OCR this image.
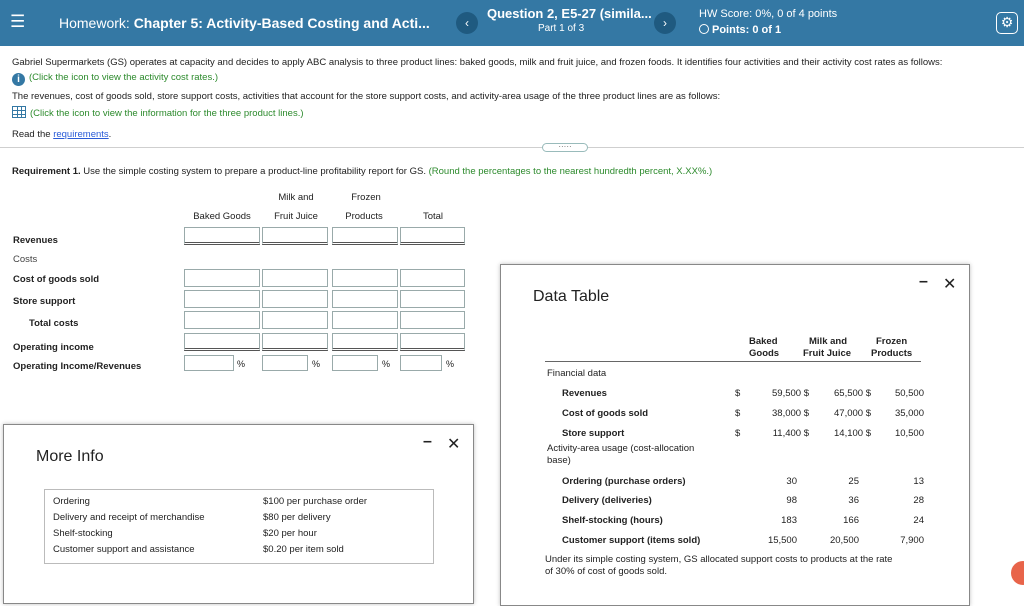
☰ Homework: Chapter 5: Activity-Based Costing and Acti...	‹
Question 2, E5-27 (simila...
Part 1 of 3	›
HW Score: 0%, 0 of 4 points
Points: 0 of 1	⚙
Gabriel Supermarkets (GS) operates at capacity and decides to apply ABC analysis to three product lines: baked goods, milk and fruit juice, and frozen foods. It identifies four activities and their activity cost rates as follows:
i (Click the icon to view the activity cost rates.)
The revenues, cost of goods sold, store support costs, activities that account for the store support costs, and activity-area usage of the three product lines are as follows:
(Click the icon to view the information for the three product lines.)
Read the requirements.
·····
Requirement 1. Use the simple costing system to prepare a product-line profitability report for GS. (Round the percentages to the nearest hundredth percent, X.XX%.)
Milk and	Frozen
Baked Goods	Fruit Juice	Products	Total
Revenues
Costs
Cost of goods sold
Store support
Total costs
Operating income
Operating Income/Revenues	%	%	%	%
More Info
– ✕
Ordering	$100 per purchase order
Delivery and receipt of merchandise	$80 per delivery
Shelf-stocking	$20 per hour
Customer support and assistance	$0.20 per item sold
Data Table
– ✕
Baked
Goods
Milk and
Fruit Juice
Frozen
Products
Financial data
Revenues	$	59,500 $	65,500 $	50,500
Cost of goods sold	$	38,000 $	47,000 $	35,000
Store support	$	11,400 $	14,100 $	10,500
Activity-area usage (cost-allocation
base)
Ordering (purchase orders)	30	25	13
Delivery (deliveries)	98	36	28
Shelf-stocking (hours)	183	166	24
Customer support (items sold)	15,500	20,500	7,900
Under its simple costing system, GS allocated support costs to products at the rate
of 30% of cost of goods sold.
